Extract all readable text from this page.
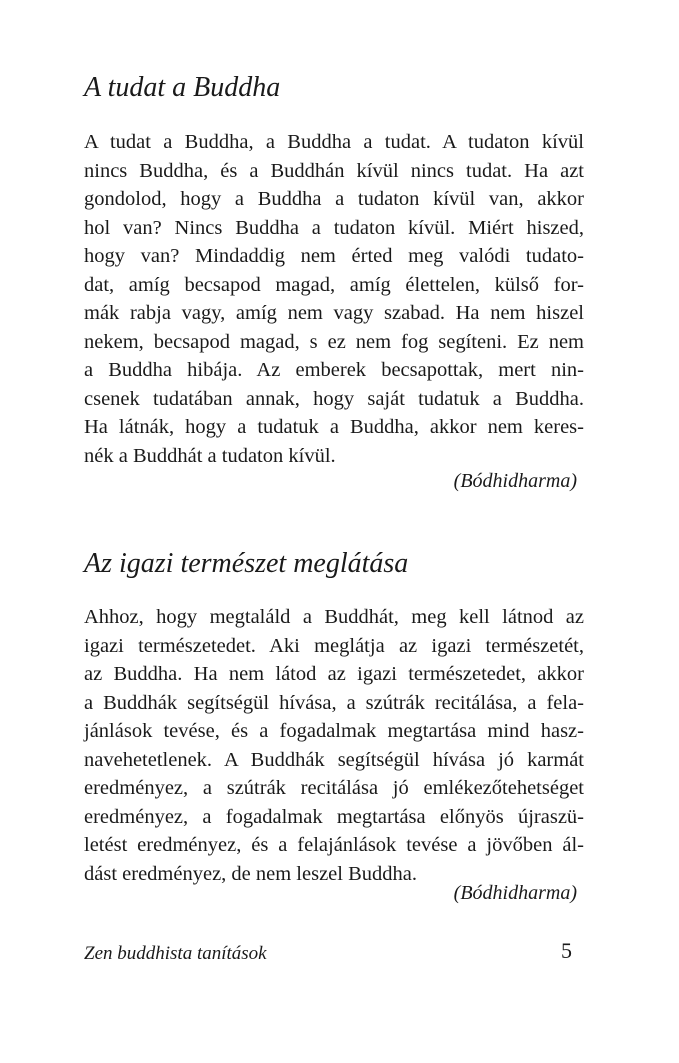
A tudat a Buddha
A tudat a Buddha, a Buddha a tudat. A tudaton kívül
nincs Buddha, és a Buddhán kívül nincs tudat. Ha azt
gondolod, hogy a Buddha a tudaton kívül van, akkor
hol van? Nincs Buddha a tudaton kívül. Miért hiszed,
hogy van? Mindaddig nem érted meg valódi tudato-
dat, amíg becsapod magad, amíg élettelen, külső for-
mák rabja vagy, amíg nem vagy szabad. Ha nem hiszel
nekem, becsapod magad, s ez nem fog segíteni. Ez nem
a Buddha hibája. Az emberek becsapottak, mert nin-
csenek tudatában annak, hogy saját tudatuk a Buddha.
Ha látnák, hogy a tudatuk a Buddha, akkor nem keres-
nék a Buddhát a tudaton kívül.

(Bódhidharma)

Az igazi természet meglátása
Ahhoz, hogy megtaláld a Buddhát, meg kell látnod az
igazi természetedet. Aki meglátja az igazi természetét,
az Buddha. Ha nem látod az igazi természetedet, akkor
a Buddhák segítségül hívása, a szútrák recitálása, a fela-
jánlások tevése, és a fogadalmak megtartása mind hasz-
navehetetlenek. A Buddhák segítségül hívása jó karmát
eredményez, a szútrák recitálása jó emlékezőtehetséget
eredményez, a fogadalmak megtartása előnyös újraszü-
letést eredményez, és a felajánlások tevése a jövőben ál-
dást eredményez, de nem leszel Buddha.

(Bódhidharma)

Zen buddhista tanítások	5
